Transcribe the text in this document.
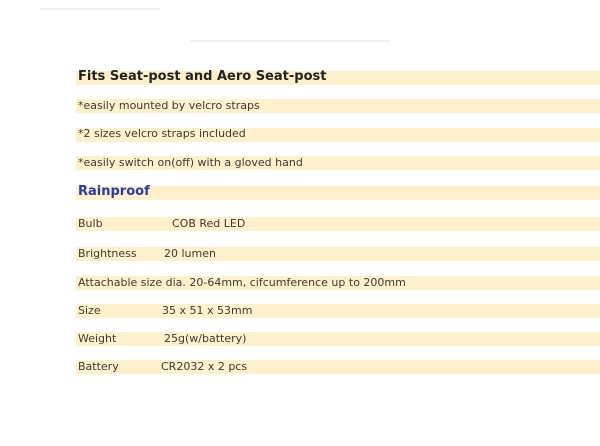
Fits Seat-post and Aero Seat-post
*easily mounted by velcro straps
*2 sizes velcro straps included
*easily switch on(off) with a gloved hand
Rainproof
Bulb	COB Red LED
Brightness 20 lumen
Attachable size dia. 20-64mm, cifcumference up to 200mm
Size	35 x 51 x 53mm
Weight	25g(w/battery)
Battery	CR2032 x 2 pcs
